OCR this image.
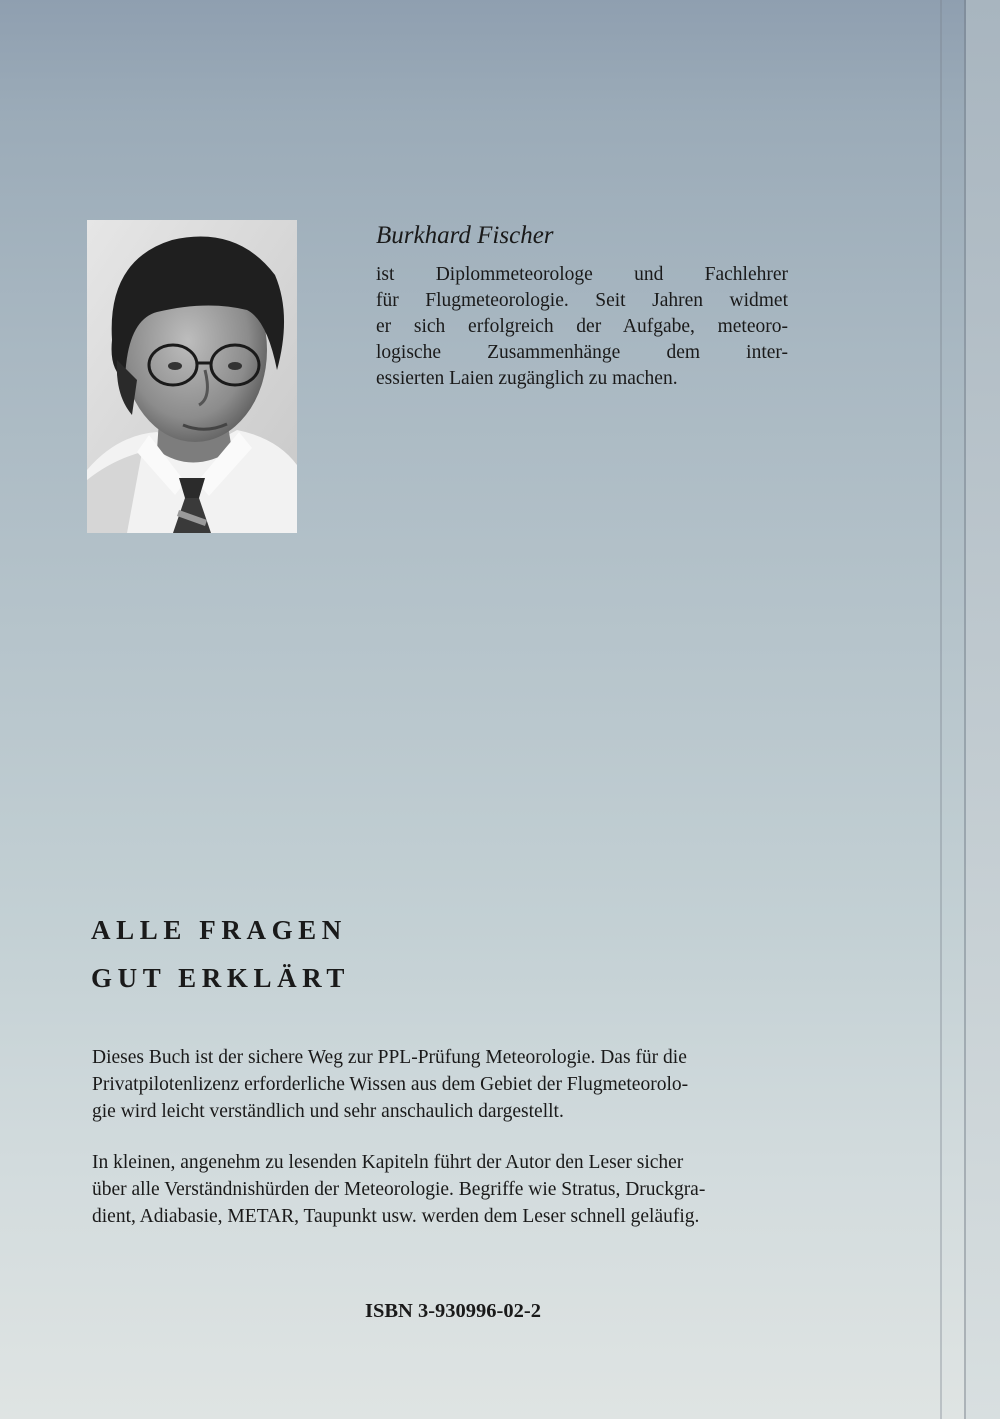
Burkhard Fischer
ist Diplommeteorologe und Fachlehrer
für Flugmeteorologie. Seit Jahren widmet
er sich erfolgreich der Aufgabe, meteoro-
logische Zusammenhänge dem inter-
essierten Laien zugänglich zu machen.
ALLE FRAGEN
GUT ERKLÄRT
Dieses Buch ist der sichere Weg zur PPL-Prüfung Meteorologie. Das für die
Privatpilotenlizenz erforderliche Wissen aus dem Gebiet der Flugmeteorolo-
gie wird leicht verständlich und sehr anschaulich dargestellt.
In kleinen, angenehm zu lesenden Kapiteln führt der Autor den Leser sicher
über alle Verständnishürden der Meteorologie. Begriffe wie Stratus, Druckgra-
dient, Adiabasie, METAR, Taupunkt usw. werden dem Leser schnell geläufig.
ISBN 3-930996-02-2
